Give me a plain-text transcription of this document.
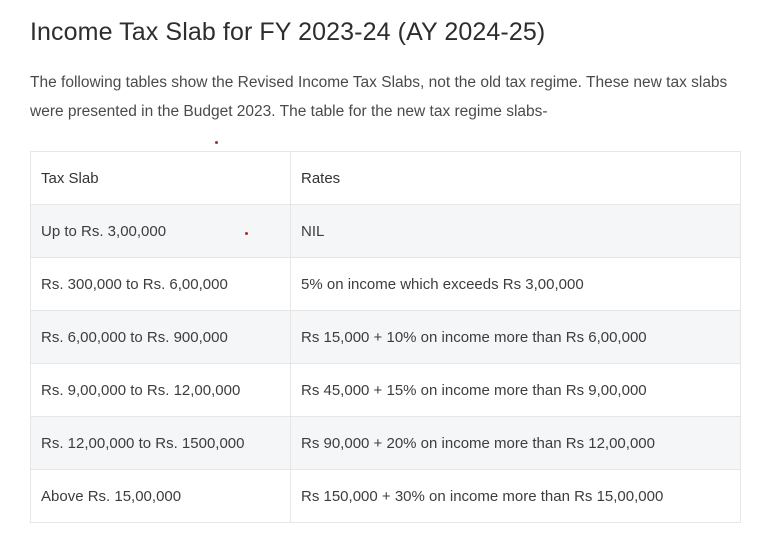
Income Tax Slab for FY 2023-24 (AY 2024-25)

The following tables show the Revised Income Tax Slabs, not the old tax regime. These new tax slabs were presented in the Budget 2023. The table for the new tax regime slabs-

Tax Slab	Rates
Up to Rs. 3,00,000	NIL
Rs. 300,000 to Rs. 6,00,000	5% on income which exceeds Rs 3,00,000
Rs. 6,00,000 to Rs. 900,000	Rs 15,000 + 10% on income more than Rs 6,00,000
Rs. 9,00,000 to Rs. 12,00,000	Rs 45,000 + 15% on income more than Rs 9,00,000
Rs. 12,00,000 to Rs. 1500,000	Rs 90,000 + 20% on income more than Rs 12,00,000
Above Rs. 15,00,000	Rs 150,000 + 30% on income more than Rs 15,00,000
